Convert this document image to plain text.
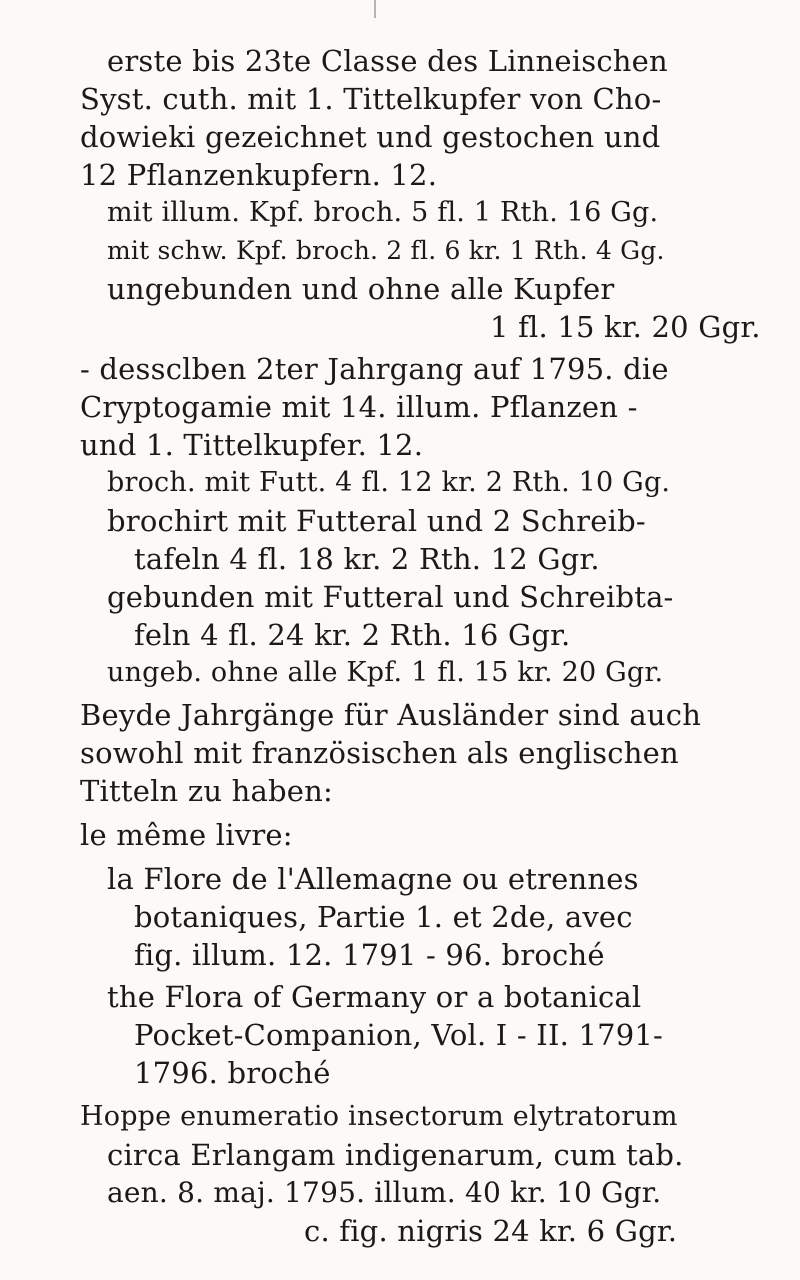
erste bis 23te Classe des Linneischen
Syst. cuth. mit 1. Tittelkupfer von Cho-
dowieki gezeichnet und gestochen und
12 Pflanzenkupfern. 12.
mit illum. Kpf. broch. 5 fl. 1 Rth. 16 Gg.
mit schw. Kpf. broch. 2 fl. 6 kr. 1 Rth. 4 Gg.
ungebunden und ohne alle Kupfer
1 fl. 15 kr. 20 Ggr.
- dessclben 2ter Jahrgang auf 1795. die
Cryptogamie mit 14. illum. Pflanzen -
und 1. Tittelkupfer. 12.
broch. mit Futt. 4 fl. 12 kr. 2 Rth. 10 Gg.
brochirt mit Futteral und 2 Schreib-
tafeln 4 fl. 18 kr. 2 Rth. 12 Ggr.
gebunden mit Futteral und Schreibta-
feln 4 fl. 24 kr. 2 Rth. 16 Ggr.
ungeb. ohne alle Kpf. 1 fl. 15 kr. 20 Ggr.
Beyde Jahrgänge für Ausländer sind auch
sowohl mit französischen als englischen
Titteln zu haben:
le même livre:
la Flore de l'Allemagne ou etrennes
botaniques, Partie 1. et 2de, avec
fig. illum. 12. 1791 - 96. broché
the Flora of Germany or a botanical
Pocket-Companion, Vol. I - II. 1791-
1796. broché
Hoppe enumeratio insectorum elytratorum
circa Erlangam indigenarum, cum tab.
aen. 8. maj. 1795. illum. 40 kr. 10 Ggr.
c. fig. nigris 24 kr. 6 Ggr.
